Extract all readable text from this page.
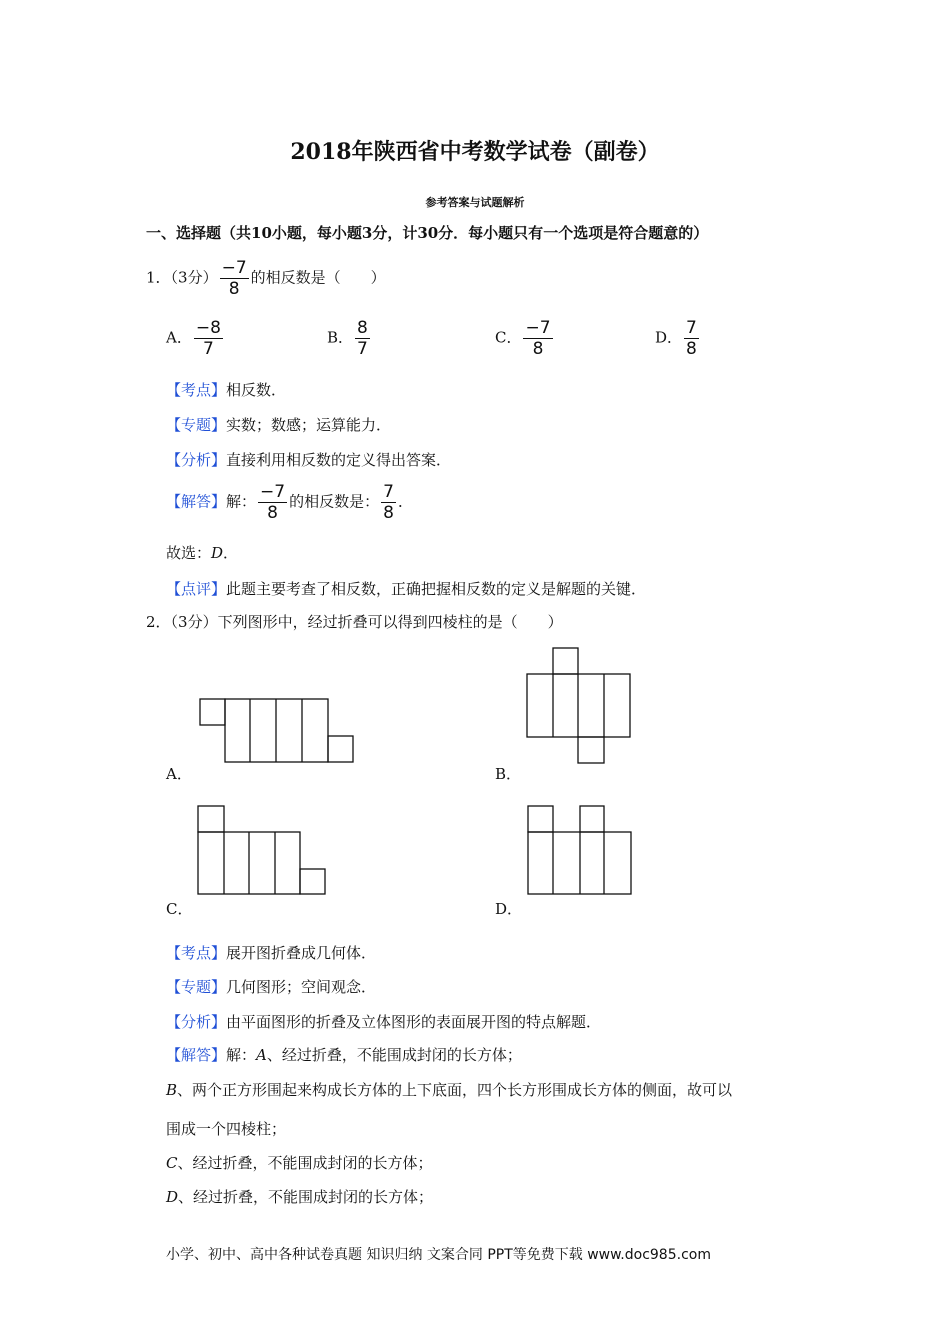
2018年陕西省中考数学试卷（副卷）
参考答案与试题解析
一、选择题（共10小题，每小题3分，计30分．每小题只有一个选项是符合题意的）
1．（3分） $\frac{-7}{8}$ 的相反数是（　　）
A． $\frac{-8}{7}$	B． $\frac{8}{7}$	C． $\frac{-7}{8}$	D． $\frac{7}{8}$
【考点】相反数．
【专题】实数；数感；运算能力．
【分析】直接利用相反数的定义得出答案．
【解答】解： $\frac{-7}{8}$ 的相反数是： $\frac{7}{8}$ ．
故选：D．
【点评】此题主要考查了相反数，正确把握相反数的定义是解题的关键．
2．（3分）下列图形中，经过折叠可以得到四棱柱的是（　　）
A．	B．
C．	D．
【考点】展开图折叠成几何体．
【专题】几何图形；空间观念．
【分析】由平面图形的折叠及立体图形的表面展开图的特点解题．
【解答】解：A、经过折叠，不能围成封闭的长方体；
B、两个正方形围起来构成长方体的上下底面，四个长方形围成长方体的侧面，故可以
围成一个四棱柱；
C、经过折叠，不能围成封闭的长方体；
D、经过折叠，不能围成封闭的长方体；
小学、初中、高中各种试卷真题 知识归纳 文案合同 PPT等免费下载 www.doc985.com
